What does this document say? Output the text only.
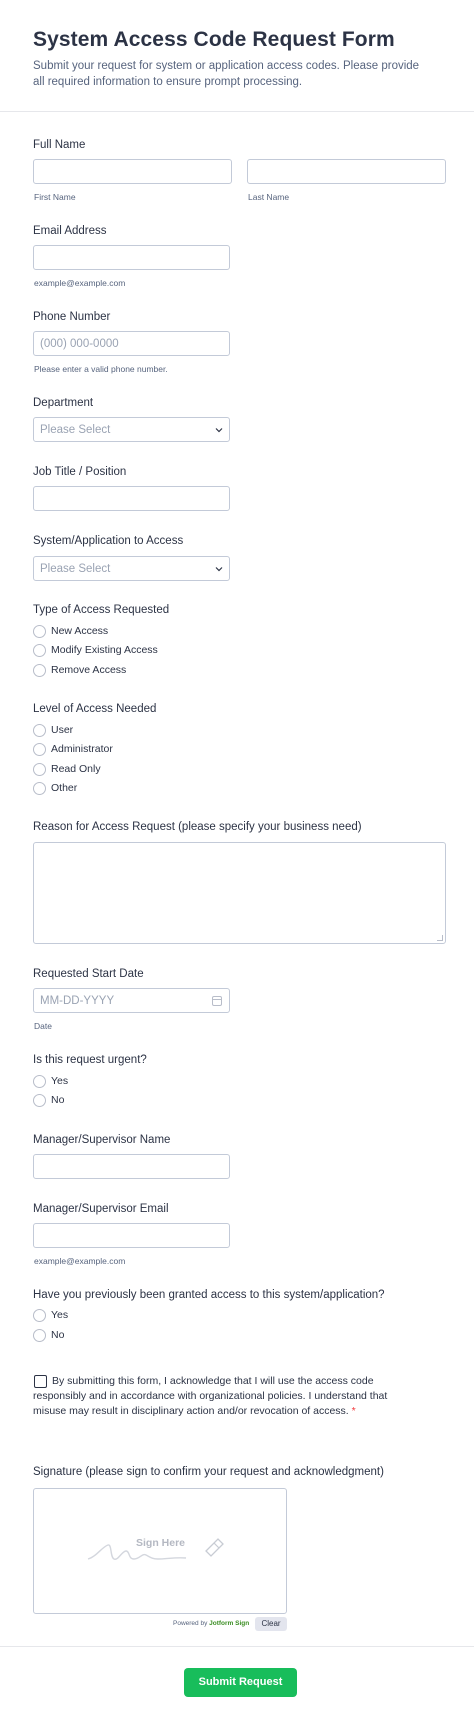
System Access Code Request Form
Submit your request for system or application access codes. Please provide all required information to ensure prompt processing.
Full Name
First Name	Last Name
Email Address
example@example.com
Phone Number
(000) 000-0000
Please enter a valid phone number.
Department
Please Select
Job Title / Position
System/Application to Access
Please Select
Type of Access Requested
New Access
Modify Existing Access
Remove Access
Level of Access Needed
User
Administrator
Read Only
Other
Reason for Access Request (please specify your business need)
Requested Start Date
MM-DD-YYYY
Date
Is this request urgent?
Yes
No
Manager/Supervisor Name
Manager/Supervisor Email
example@example.com
Have you previously been granted access to this system/application?
Yes
No
By submitting this form, I acknowledge that I will use the access code responsibly and in accordance with organizational policies. I understand that misuse may result in disciplinary action and/or revocation of access. *
Signature (please sign to confirm your request and acknowledgment)
Sign Here
Powered by Jotform Sign	Clear
Submit Request
